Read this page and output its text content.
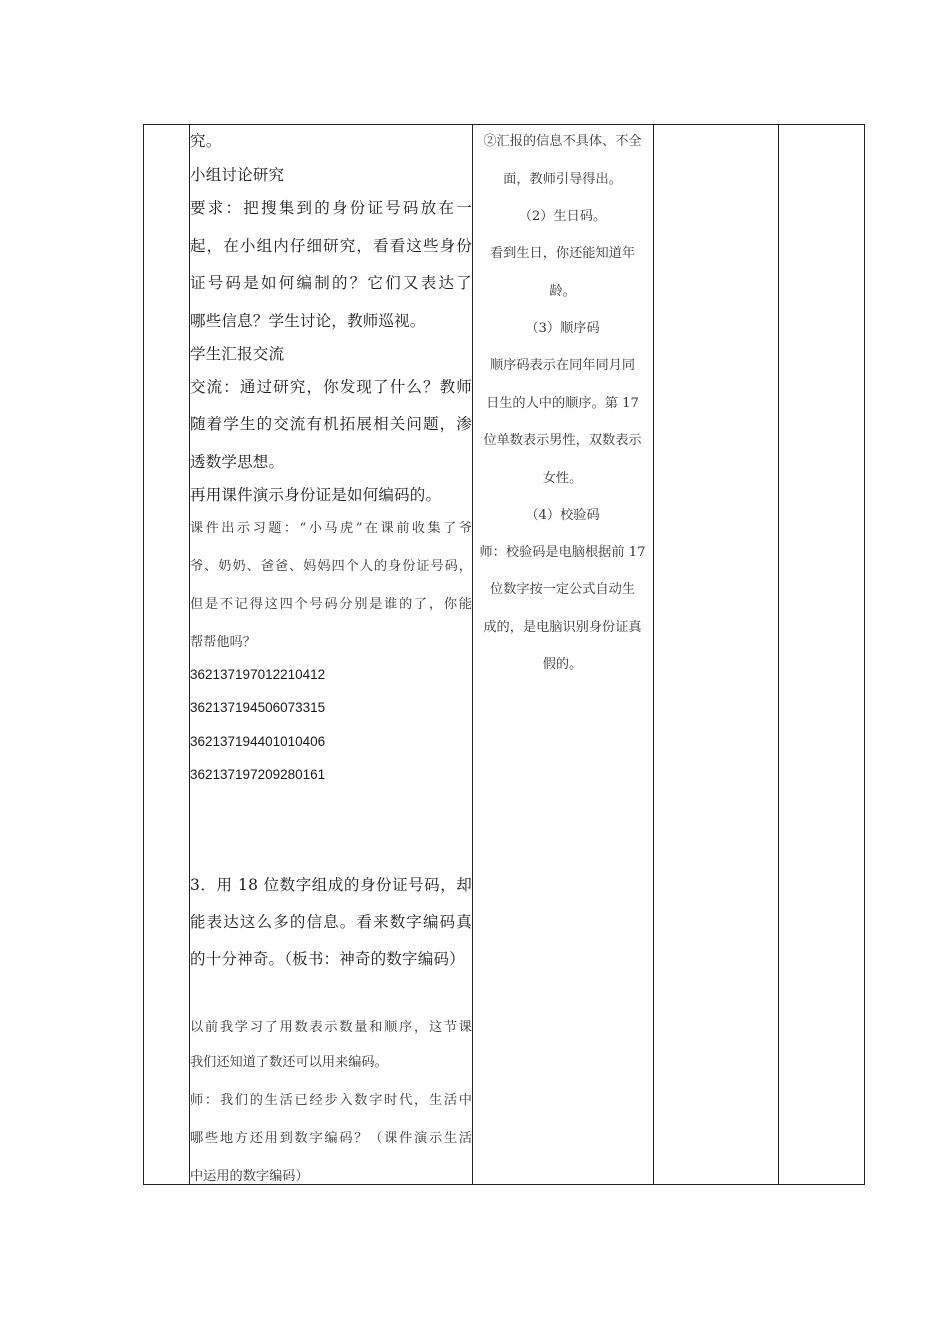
究。
小组讨论研究
要求：把搜集到的身份证号码放在一
起，在小组内仔细研究，看看这些身份
证号码是如何编制的？它们又表达了
哪些信息？学生讨论，教师巡视。
学生汇报交流
交流：通过研究，你发现了什么？教师
随着学生的交流有机拓展相关问题，渗
透数学思想。
再用课件演示身份证是如何编码的。
课件出示习题：“小马虎”在课前收集了爷
爷、奶奶、爸爸、妈妈四个人的身份证号码，
但是不记得这四个号码分别是谁的了，你能
帮帮他吗？
362137197012210412
362137194506073315
362137194401010406
362137197209280161
3．用 18 位数字组成的身份证号码，却
能表达这么多的信息。看来数字编码真
的十分神奇。（板书：神奇的数字编码）
以前我学习了用数表示数量和顺序，这节课
我们还知道了数还可以用来编码。
师：我们的生活已经步入数字时代，生活中
哪些地方还用到数字编码？（课件演示生活
中运用的数字编码）
②汇报的信息不具体、不全
面，教师引导得出。
（2）生日码。
看到生日，你还能知道年
龄。
（3）顺序码
顺序码表示在同年同月同
日生的人中的顺序。第 17
位单数表示男性，双数表示
女性。
（4）校验码
师：校验码是电脑根据前 17
位数字按一定公式自动生
成的，是电脑识别身份证真
假的。
